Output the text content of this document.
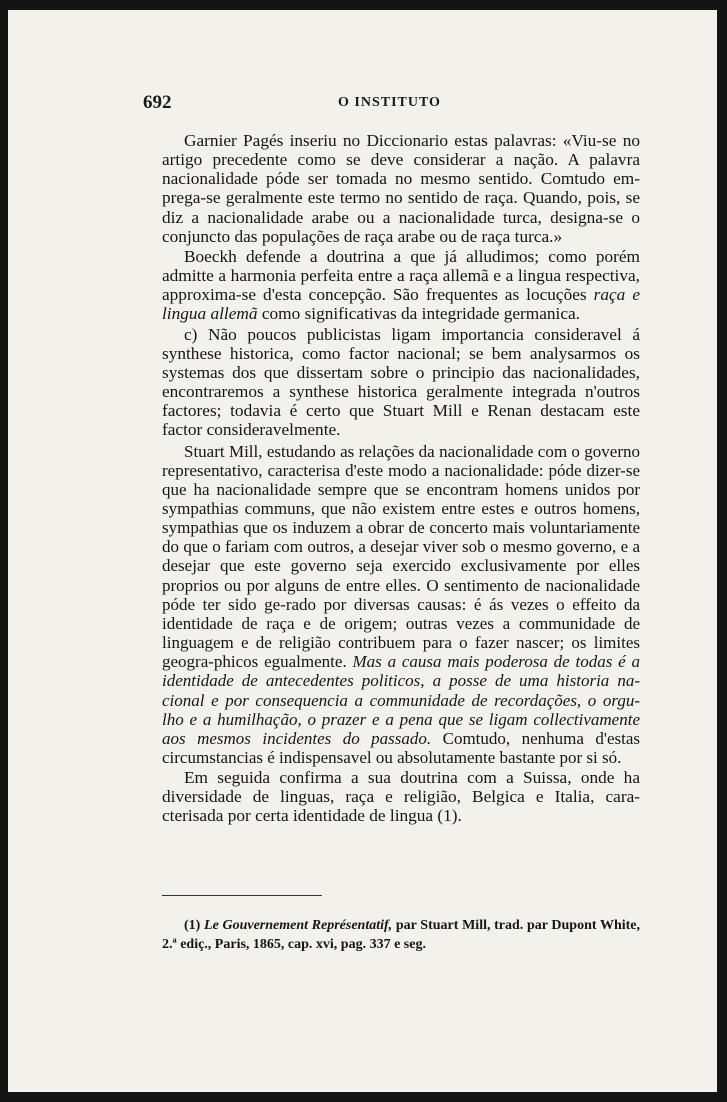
692	O INSTITUTO

Garnier Pagés inseriu no Diccionario estas palavras: «Viu-se no artigo precedente como se deve considerar a nação. A palavra nacionalidade póde ser tomada no mesmo sentido. Comtudo em-prega-se geralmente este termo no sentido de raça. Quando, pois, se diz a nacionalidade arabe ou a nacionalidade turca, designa-se o conjuncto das populações de raça arabe ou de raça turca.»

Boeckh defende a doutrina a que já alludimos; como porém admitte a harmonia perfeita entre a raça allemã e a lingua respectiva, approxima-se d'esta concepção. São frequentes as locuções raça e lingua allemã como significativas da integridade germanica.

c) Não poucos publicistas ligam importancia consideravel á synthese historica, como factor nacional; se bem analysarmos os systemas dos que dissertam sobre o principio das nacionalidades, encontraremos a synthese historica geralmente integrada n'outros factores; todavia é certo que Stuart Mill e Renan destacam este factor consideravelmente.

Stuart Mill, estudando as relações da nacionalidade com o governo representativo, caracterisa d'este modo a nacionalidade: póde dizer-se que ha nacionalidade sempre que se encontram homens unidos por sympathias communs, que não existem entre estes e outros homens, sympathias que os induzem a obrar de concerto mais voluntariamente do que o fariam com outros, a desejar viver sob o mesmo governo, e a desejar que este governo seja exercido exclusivamente por elles proprios ou por alguns de entre elles. O sentimento de nacionalidade póde ter sido ge-rado por diversas causas: é ás vezes o effeito da identidade de raça e de origem; outras vezes a communidade de linguagem e de religião contribuem para o fazer nascer; os limites geogra-phicos egualmente. Mas a causa mais poderosa de todas é a identidade de antecedentes politicos, a posse de uma historia na-cional e por consequencia a communidade de recordações, o orgu-lho e a humilhação, o prazer e a pena que se ligam collectivamente aos mesmos incidentes do passado. Comtudo, nenhuma d'estas circumstancias é indispensavel ou absolutamente bastante por si só.

Em seguida confirma a sua doutrina com a Suissa, onde ha diversidade de linguas, raça e religião, Belgica e Italia, cara-cterisada por certa identidade de lingua (1).

(1) Le Gouvernement Représentatif, par Stuart Mill, trad. par Dupont White, 2.ª ediç., Paris, 1865, cap. xvi, pag. 337 e seg.
